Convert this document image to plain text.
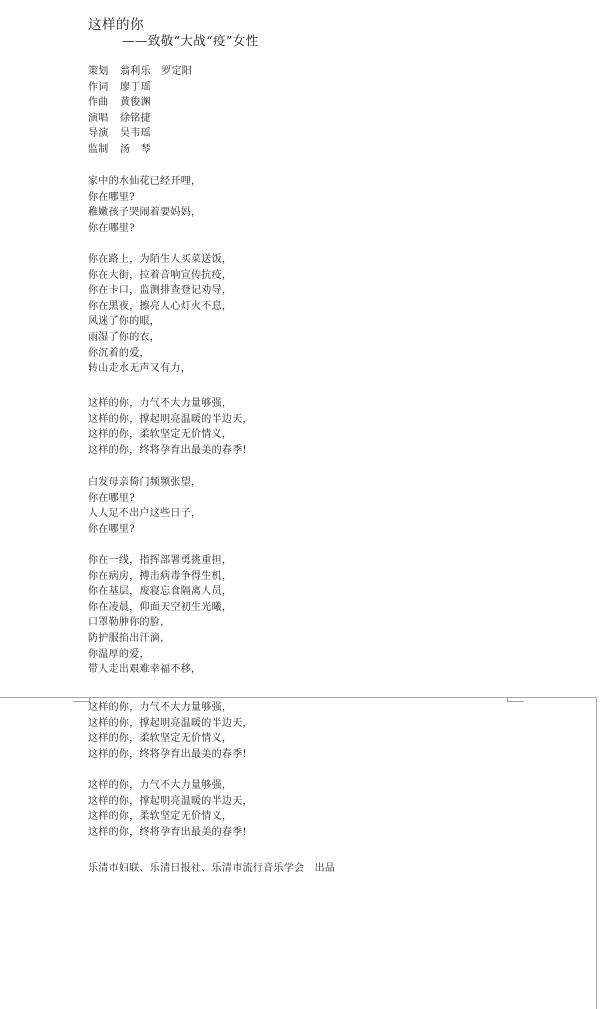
这样的你
——致敬“大战“疫”女性
策划 翁利乐　罗定阳
作词 廖丁瑶
作曲 黄俊渊
演唱 徐铭捷
导演 吴韦瑶
监制 汤　琴
家中的水仙花已经开哩，
你在哪里?
稚嫩孩子哭闹着要妈妈，
你在哪里?
你在路上，为陌生人买菜送饭，
你在大街，拉着音响宣传抗疫，
你在卡口，监测排查登记劝导，
你在黑夜，擦亮人心灯火不息，
风迷了你的眼，
雨湿了你的衣，
你沉着的爱，
转山走水无声又有力，
这样的你，力气不大力量够强，
这样的你，撑起明亮温暖的半边天，
这样的你，柔软坚定无价情义，
这样的你，终将孕育出最美的春季!
白发母亲倚门频频张望，
你在哪里?
人人足不出户这些日子，
你在哪里?
你在一线，指挥部署勇挑重担，
你在病房，搏击病毒争得生机，
你在基层，废寝忘食隔离人员，
你在凌晨，仰面天空初生光曦，
口罩勒肿你的脸，
防护服掐出汗滴，
你温厚的爱，
带人走出艰难幸福不移，
这样的你，力气不大力量够强，
这样的你，撑起明亮温暖的半边天，
这样的你，柔软坚定无价情义，
这样的你，终将孕育出最美的春季!
这样的你，力气不大力量够强，
这样的你，撑起明亮温暖的半边天，
这样的你，柔软坚定无价情义，
这样的你，终将孕育出最美的春季!
乐清市妇联、乐清日报社、乐清市流行音乐学会　出品
